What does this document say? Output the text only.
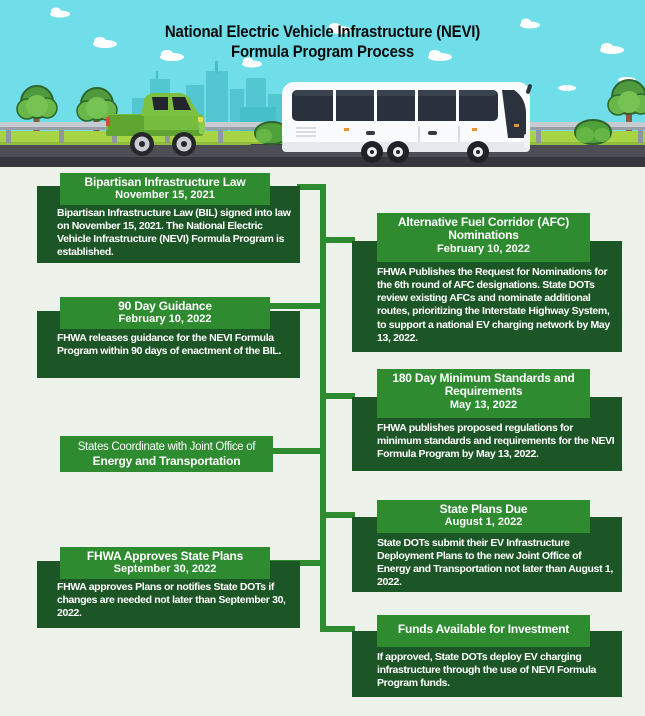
National Electric Vehicle Infrastructure (NEVI)
Formula Program Process

Bipartisan Infrastructure Law (BIL) signed into law on November 15, 2021. The National Electric Vehicle Infrastructure (NEVI) Formula Program is established.

Bipartisan Infrastructure Law
November 15, 2021

FHWA Publishes the Request for Nominations for the 6th round of AFC designations. State DOTs review existing AFCs and nominate additional routes, prioritizing the Interstate Highway System, to support a national EV charging network by May 13, 2022.

Alternative Fuel Corridor (AFC) Nominations
February 10, 2022

FHWA releases guidance for the NEVI Formula Program within 90 days of enactment of the BIL.

90 Day Guidance
February 10, 2022

FHWA publishes proposed regulations for minimum standards and requirements for the NEVI Formula Program by May 13, 2022.

180 Day Minimum Standards and Requirements
May 13, 2022
States Coordinate with Joint Office of
Energy and Transportation

State DOTs submit their EV Infrastructure Deployment Plans to the new Joint Office of Energy and Transportation not later than August 1, 2022.

State Plans Due
August 1, 2022

FHWA approves Plans or notifies State DOTs if changes are needed not later than September 30, 2022.

FHWA Approves State Plans
September 30, 2022

If approved, State DOTs deploy EV charging infrastructure through the use of NEVI Formula Program funds.

Funds Available for Investment
